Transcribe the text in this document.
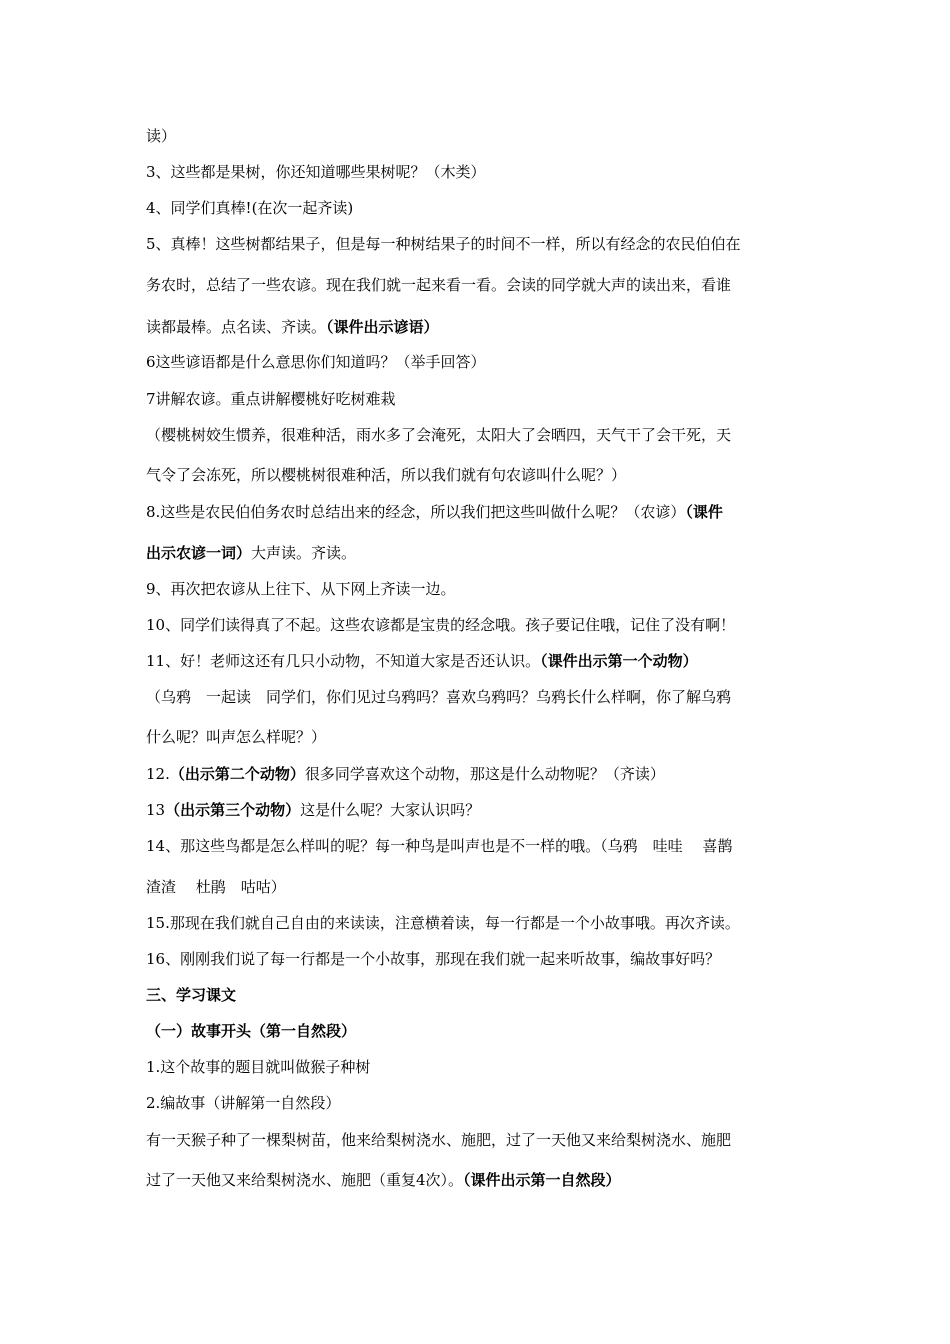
读）
3、这些都是果树，你还知道哪些果树呢？（木类）
4、同学们真棒!(在次一起齐读)
5、真棒！这些树都结果子，但是每一种树结果子的时间不一样，所以有经念的农民伯伯在
务农时，总结了一些农谚。现在我们就一起来看一看。会读的同学就大声的读出来，看谁
读都最棒。点名读、齐读。（课件出示谚语）
6这些谚语都是什么意思你们知道吗？（举手回答）
7讲解农谚。重点讲解樱桃好吃树难栽
（樱桃树姣生惯养，很难种活，雨水多了会淹死，太阳大了会晒四，天气干了会干死，天
气令了会冻死，所以樱桃树很难种活，所以我们就有句农谚叫什么呢？）
8.这些是农民伯伯务农时总结出来的经念，所以我们把这些叫做什么呢？（农谚）（课件
出示农谚一词）大声读。齐读。
9、再次把农谚从上往下、从下网上齐读一边。
10、同学们读得真了不起。这些农谚都是宝贵的经念哦。孩子要记住哦，记住了没有啊！
11、好！老师这还有几只小动物，不知道大家是否还认识。（课件出示第一个动物）
（乌鸦　一起读　同学们，你们见过乌鸦吗？喜欢乌鸦吗？乌鸦长什么样啊，你了解乌鸦
什么呢？叫声怎么样呢？）
12.（出示第二个动物）很多同学喜欢这个动物，那这是什么动物呢？（齐读）
13（出示第三个动物）这是什么呢？大家认识吗？
14、那这些鸟都是怎么样叫的呢？每一种鸟是叫声也是不一样的哦。（乌鸦　哇哇　 喜鹊
渣渣　 杜鹃　咕咕）
15.那现在我们就自己自由的来读读，注意横着读，每一行都是一个小故事哦。再次齐读。
16、刚刚我们说了每一行都是一个小故事，那现在我们就一起来听故事，编故事好吗？
三、学习课文
（一）故事开头（第一自然段）
1.这个故事的题目就叫做猴子种树
2.编故事（讲解第一自然段）
有一天猴子种了一棵梨树苗，他来给梨树浇水、施肥，过了一天他又来给梨树浇水、施肥
过了一天他又来给梨树浇水、施肥（重复4次）。（课件出示第一自然段）
